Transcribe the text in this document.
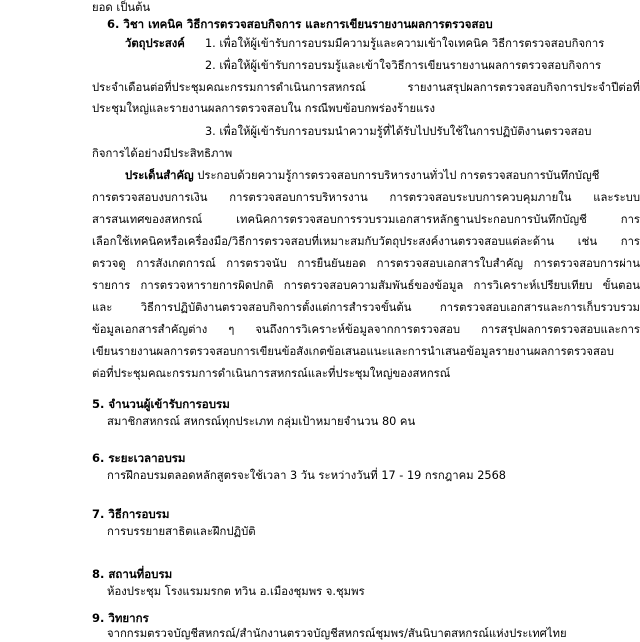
ยอด เป็นต้น
6. วิชา เทคนิค วิธีการตรวจสอบกิจการ และการเขียนรายงานผลการตรวจสอบ
วัตถุประสงค์ 1. เพื่อให้ผู้เข้ารับการอบรมมีความรู้และความเข้าใจเทคนิค วิธีการตรวจสอบกิจการ
2. เพื่อให้ผู้เข้ารับการอบรมรู้และเข้าใจวิธีการเขียนรายงานผลการตรวจสอบกิจการ
ประจำเดือนต่อที่ประชุมคณะกรรมการดำเนินการสหกรณ์ รายงานสรุปผลการตรวจสอบกิจการประจำปีต่อที่
ประชุมใหญ่และรายงานผลการตรวจสอบใน กรณีพบข้อบกพร่องร้ายแรง
3. เพื่อให้ผู้เข้ารับการอบรมนำความรู้ที่ได้รับไปปรับใช้ในการปฏิบัติงานตรวจสอบ
กิจการได้อย่างมีประสิทธิภาพ
ประเด็นสำคัญ ประกอบด้วยความรู้การตรวจสอบการบริหารงานทั่วไป การตรวจสอบการบันทึกบัญชี
การตรวจสอบงบการเงิน การตรวจสอบการบริหารงาน การตรวจสอบระบบการควบคุมภายใน และระบบ
สารสนเทศของสหกรณ์ เทคนิคการตรวจสอบการรวบรวมเอกสารหลักฐานประกอบการบันทึกบัญชี การ
เลือกใช้เทคนิคหรือเครื่องมือ/วิธีการตรวจสอบที่เหมาะสมกับวัตถุประสงค์งานตรวจสอบแต่ละด้าน เช่น การ
ตรวจดู การสังเกตการณ์ การตรวจนับ การยืนยันยอด การตรวจสอบเอกสารใบสำคัญ การตรวจสอบการผ่าน
รายการ การตรวจหารายการผิดปกติ การตรวจสอบความสัมพันธ์ของข้อมูล การวิเคราะห์เปรียบเทียบ ขั้นตอน
และ วิธีการปฏิบัติงานตรวจสอบกิจการตั้งแต่การสำรวจขั้นต้น การตรวจสอบเอกสารและการเก็บรวบรวม
ข้อมูลเอกสารสำคัญต่าง ๆ จนถึงการวิเคราะห์ข้อมูลจากการตรวจสอบ การสรุปผลการตรวจสอบและการ
เขียนรายงานผลการตรวจสอบการเขียนข้อสังเกตข้อเสนอแนะและการนำเสนอข้อมูลรายงานผลการตรวจสอบ
ต่อที่ประชุมคณะกรรมการดำเนินการสหกรณ์และที่ประชุมใหญ่ของสหกรณ์
5. จำนวนผู้เข้ารับการอบรม
สมาชิกสหกรณ์ สหกรณ์ทุกประเภท กลุ่มเป้าหมายจำนวน 80 คน
6. ระยะเวลาอบรม
การฝึกอบรมตลอดหลักสูตรจะใช้เวลา 3 วัน ระหว่างวันที่ 17 - 19 กรกฎาคม 2568
7. วิธีการอบรม
การบรรยายสาธิตและฝึกปฏิบัติ
8. สถานที่อบรม
ห้องประชุม โรงแรมมรกต ทวิน อ.เมืองชุมพร จ.ชุมพร
9. วิทยากร
จากกรมตรวจบัญชีสหกรณ์/สำนักงานตรวจบัญชีสหกรณ์ชุมพร/สันนิบาตสหกรณ์แห่งประเทศไทย
